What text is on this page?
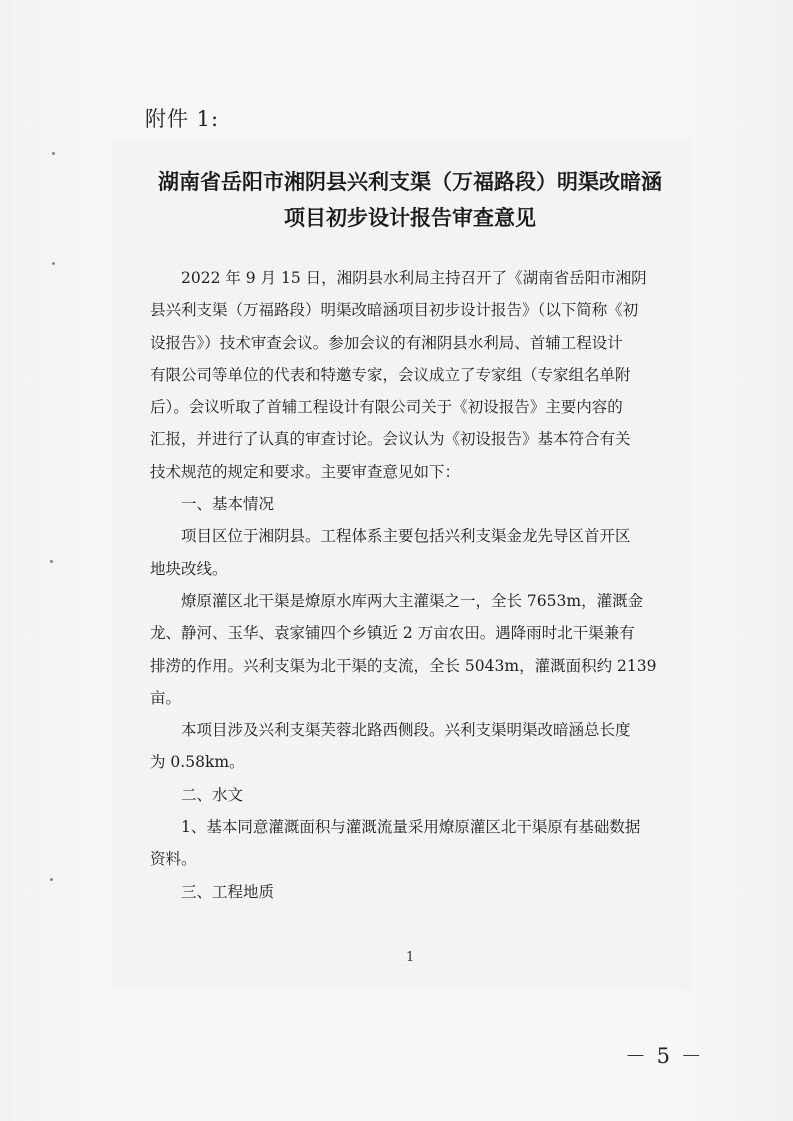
附件 1:
湖南省岳阳市湘阴县兴利支渠（万福路段）明渠改暗涵
项目初步设计报告审查意见
2022 年 9 月 15 日，湘阴县水利局主持召开了《湖南省岳阳市湘阴
县兴利支渠（万福路段）明渠改暗涵项目初步设计报告》（以下简称《初
设报告》）技术审查会议。参加会议的有湘阴县水利局、首辅工程设计
有限公司等单位的代表和特邀专家，会议成立了专家组（专家组名单附
后）。会议听取了首辅工程设计有限公司关于《初设报告》主要内容的
汇报，并进行了认真的审查讨论。会议认为《初设报告》基本符合有关
技术规范的规定和要求。主要审查意见如下：
一、基本情况
项目区位于湘阴县。工程体系主要包括兴利支渠金龙先导区首开区
地块改线。
燎原灌区北干渠是燎原水库两大主灌渠之一，全长 7653m，灌溉金
龙、静河、玉华、袁家铺四个乡镇近 2 万亩农田。遇降雨时北干渠兼有
排涝的作用。兴利支渠为北干渠的支流，全长 5043m，灌溉面积约 2139
亩。
本项目涉及兴利支渠芙蓉北路西侧段。兴利支渠明渠改暗涵总长度
为 0.58km。
二、水文
1、基本同意灌溉面积与灌溉流量采用燎原灌区北干渠原有基础数据
资料。
三、工程地质
1
－ 5 －
